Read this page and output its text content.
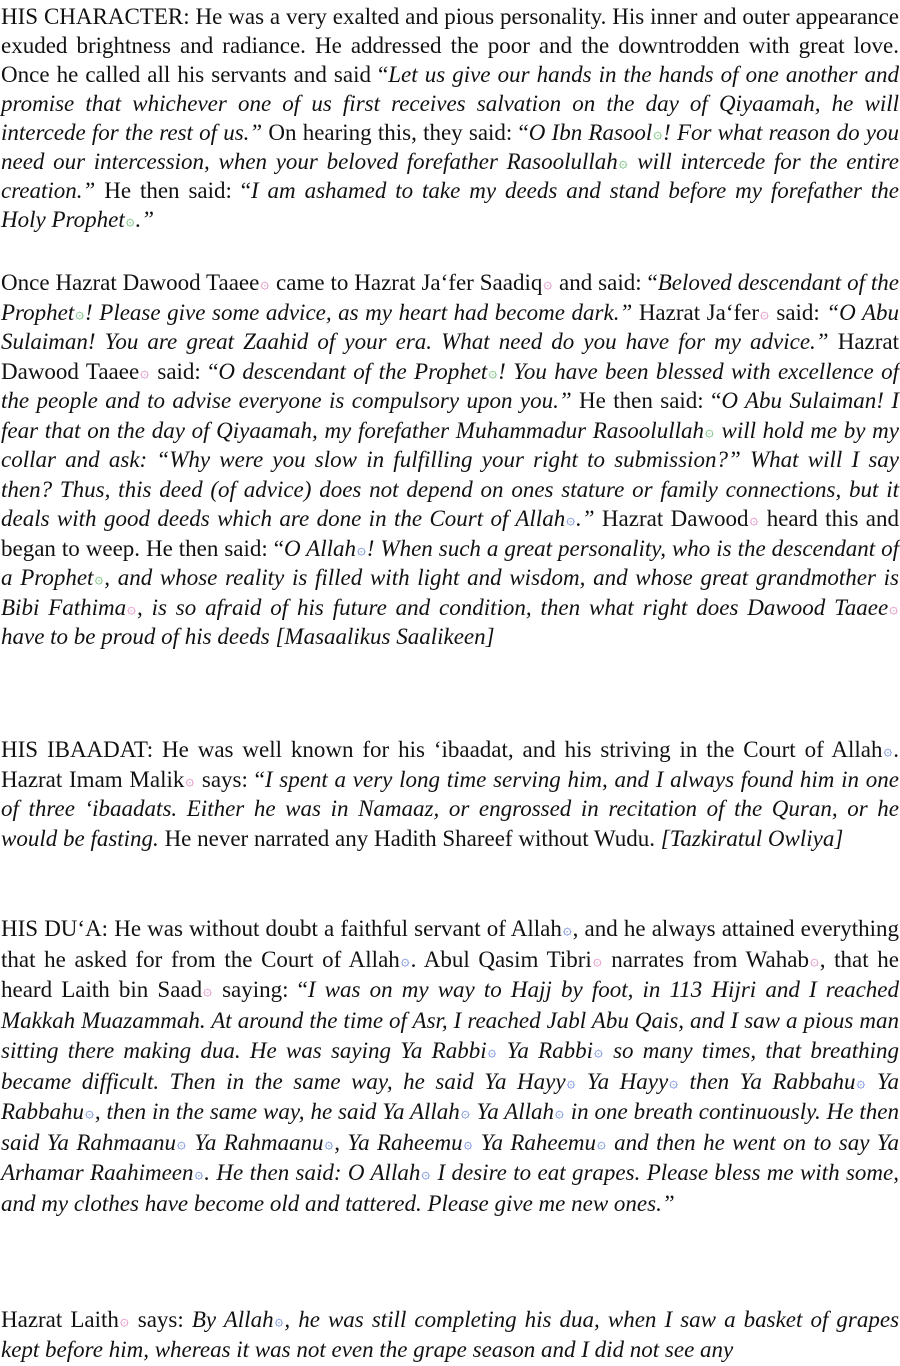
HIS CHARACTER: He was a very exalted and pious personality. His inner and outer appearance exuded brightness and radiance. He addressed the poor and the downtrodden with great love. Once he called all his servants and said “Let us give our hands in the hands of one another and promise that whichever one of us first receives salvation on the day of Qiyaamah, he will intercede for the rest of us.” On hearing this, they said: “O Ibn Rasool۞! For what reason do you need our intercession, when your beloved forefather Rasoolullah۞ will intercede for the entire creation.” He then said: “I am ashamed to take my deeds and stand before my forefather the Holy Prophet۞.”

Once Hazrat Dawood Taaee۞ came to Hazrat Ja‘fer Saadiq۞ and said: “Beloved descendant of the Prophet۞! Please give some advice, as my heart had become dark.” Hazrat Ja‘fer۞ said: “O Abu Sulaiman! You are great Zaahid of your era. What need do you have for my advice.” Hazrat Dawood Taaee۞ said: “O descendant of the Prophet۞! You have been blessed with excellence of the people and to advise everyone is compulsory upon you.” He then said: “O Abu Sulaiman! I fear that on the day of Qiyaamah, my forefather Muhammadur Rasoolullah۞ will hold me by my collar and ask: “Why were you slow in fulfilling your right to submission?” What will I say then? Thus, this deed (of advice) does not depend on ones stature or family connections, but it deals with good deeds which are done in the Court of Allah۞.” Hazrat Dawood۞ heard this and began to weep. He then said: “O Allah۞! When such a great personality, who is the descendant of a Prophet۞, and whose reality is filled with light and wisdom, and whose great grandmother is Bibi Fathima۞, is so afraid of his future and condition, then what right does Dawood Taaee۞ have to be proud of his deeds [Masaalikus Saalikeen]

HIS IBAADAT: He was well known for his ‘ibaadat, and his striving in the Court of Allah۞. Hazrat Imam Malik۞ says: “I spent a very long time serving him, and I always found him in one of three ‘ibaadats. Either he was in Namaaz, or engrossed in recitation of the Quran, or he would be fasting. He never narrated any Hadith Shareef without Wudu. [Tazkiratul Owliya]

HIS DU‘A: He was without doubt a faithful servant of Allah۞, and he always attained everything that he asked for from the Court of Allah۞. Abul Qasim Tibri۞ narrates from Wahab۞, that he heard Laith bin Saad۞ saying: “I was on my way to Hajj by foot, in 113 Hijri and I reached Makkah Muazammah. At around the time of Asr, I reached Jabl Abu Qais, and I saw a pious man sitting there making dua. He was saying Ya Rabbi۞ Ya Rabbi۞ so many times, that breathing became difficult. Then in the same way, he said Ya Hayy۞ Ya Hayy۞ then Ya Rabbahu۞ Ya Rabbahu۞, then in the same way, he said Ya Allah۞ Ya Allah۞ in one breath continuously. He then said Ya Rahmaanu۞ Ya Rahmaanu۞, Ya Raheemu۞ Ya Raheemu۞ and then he went on to say Ya Arhamar Raahimeen۞. He then said: O Allah۞ I desire to eat grapes. Please bless me with some, and my clothes have become old and tattered. Please give me new ones.”

Hazrat Laith۞ says: By Allah۞, he was still completing his dua, when I saw a basket of grapes kept before him, whereas it was not even the grape season and I did not see any
